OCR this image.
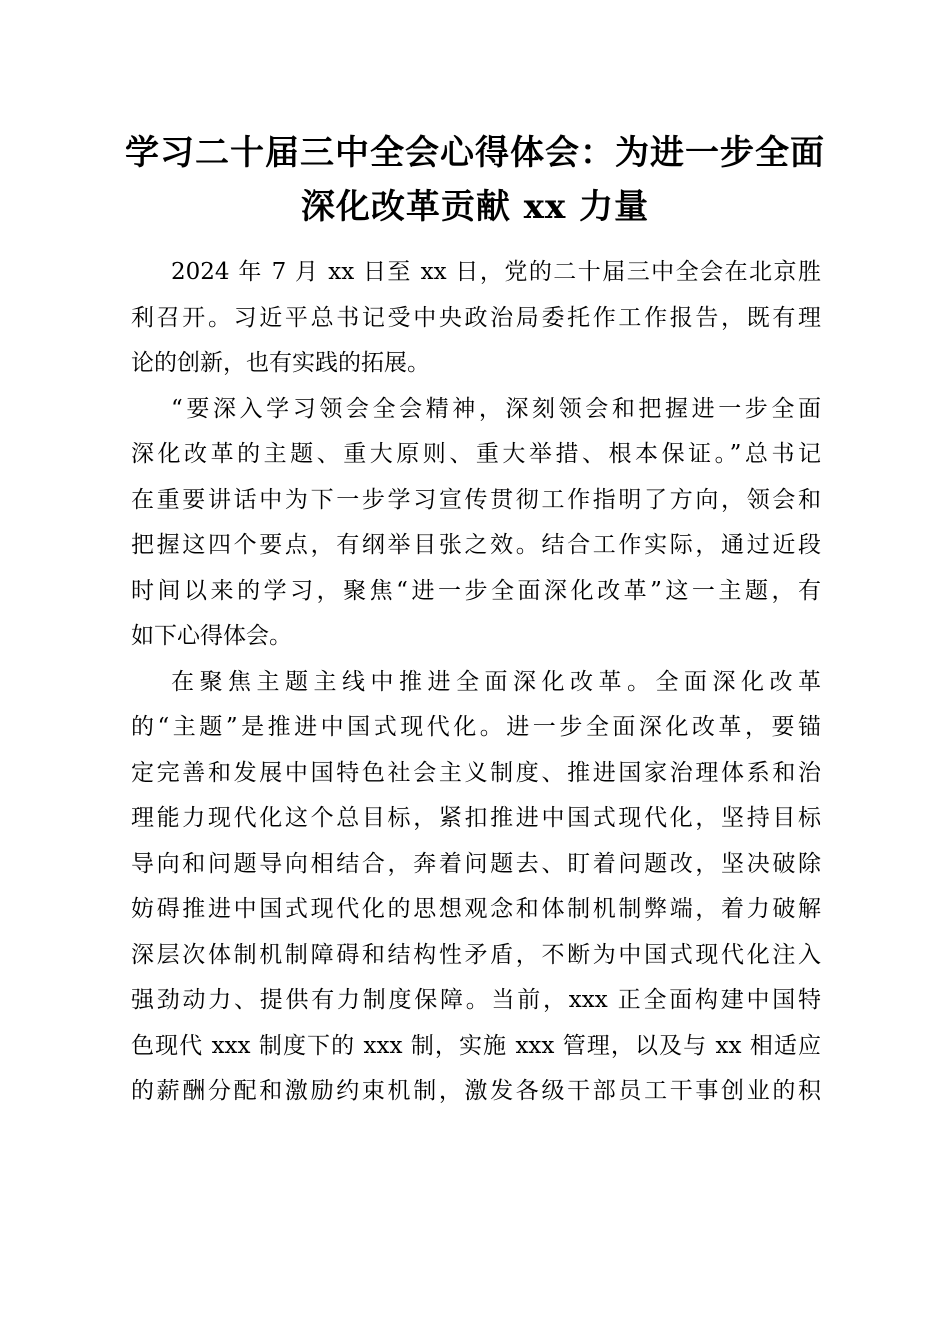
学习二十届三中全会心得体会：为进一步全面
深化改革贡献 xx 力量
2024 年 7 月 xx 日至 xx 日，党的二十届三中全会在北京胜
利召开。习近平总书记受中央政治局委托作工作报告，既有理
论的创新，也有实践的拓展。
“要深入学习领会全会精神，深刻领会和把握进一步全面
深化改革的主题、重大原则、重大举措、根本保证。”总书记
在重要讲话中为下一步学习宣传贯彻工作指明了方向，领会和
把握这四个要点，有纲举目张之效。结合工作实际，通过近段
时间以来的学习，聚焦“进一步全面深化改革”这一主题，有
如下心得体会。
在聚焦主题主线中推进全面深化改革。全面深化改革
的“主题”是推进中国式现代化。进一步全面深化改革，要锚
定完善和发展中国特色社会主义制度、推进国家治理体系和治
理能力现代化这个总目标，紧扣推进中国式现代化，坚持目标
导向和问题导向相结合，奔着问题去、盯着问题改，坚决破除
妨碍推进中国式现代化的思想观念和体制机制弊端，着力破解
深层次体制机制障碍和结构性矛盾，不断为中国式现代化注入
强劲动力、提供有力制度保障。当前，xxx 正全面构建中国特
色现代 xxx 制度下的 xxx 制，实施 xxx 管理，以及与 xx 相适应
的薪酬分配和激励约束机制，激发各级干部员工干事创业的积
